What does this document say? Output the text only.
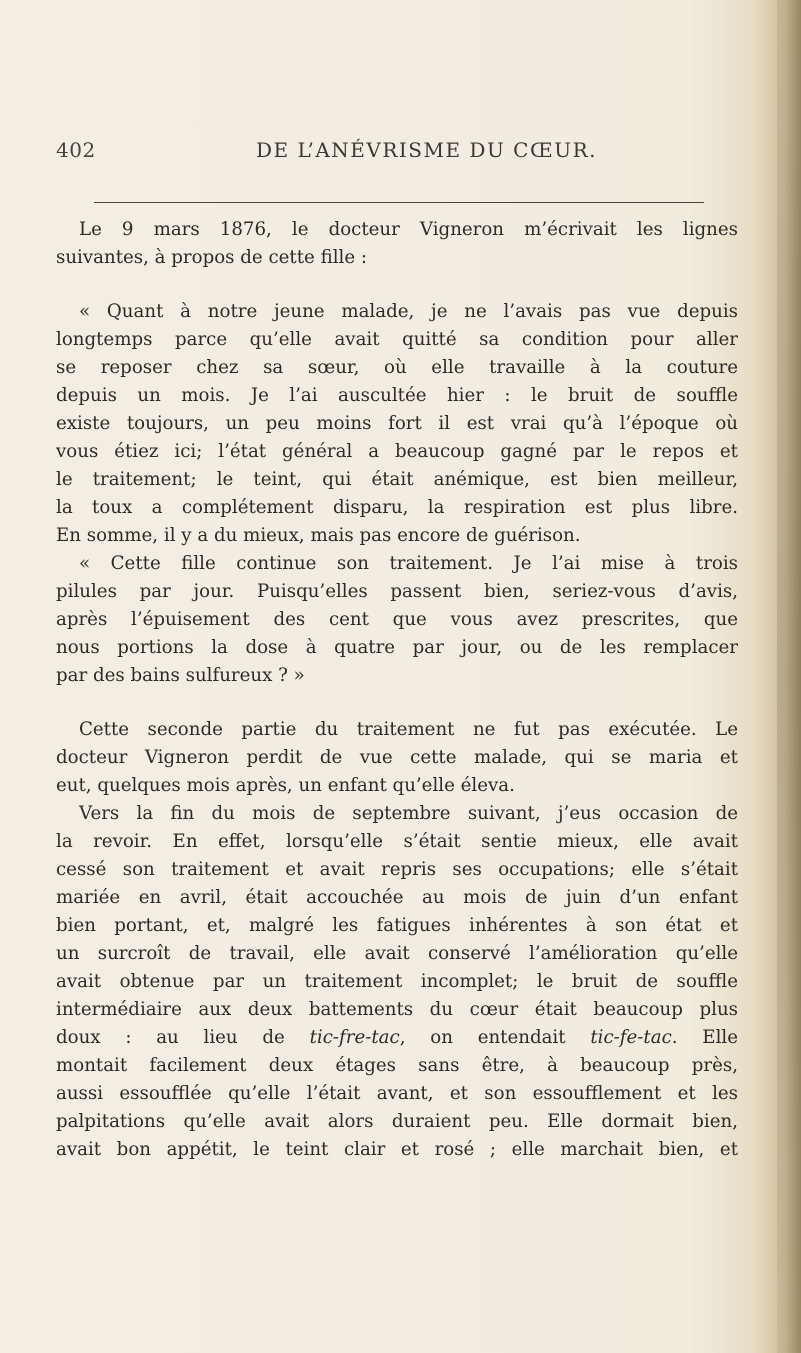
402	DE L’ANÉVRISME DU CŒUR.
Le 9 mars 1876, le docteur Vigneron m’écrivait les lignes
suivantes, à propos de cette fille :
« Quant à notre jeune malade, je ne l’avais pas vue depuis
longtemps parce qu’elle avait quitté sa condition pour aller
se reposer chez sa sœur, où elle travaille à la couture
depuis un mois. Je l’ai auscultée hier : le bruit de souffle
existe toujours, un peu moins fort il est vrai qu’à l’époque où
vous étiez ici; l’état général a beaucoup gagné par le repos et
le traitement; le teint, qui était anémique, est bien meilleur,
la toux a complétement disparu, la respiration est plus libre.
En somme, il y a du mieux, mais pas encore de guérison.
« Cette fille continue son traitement. Je l’ai mise à trois
pilules par jour. Puisqu’elles passent bien, seriez-vous d’avis,
après l’épuisement des cent que vous avez prescrites, que
nous portions la dose à quatre par jour, ou de les remplacer
par des bains sulfureux ? »
Cette seconde partie du traitement ne fut pas exécutée. Le
docteur Vigneron perdit de vue cette malade, qui se maria et
eut, quelques mois après, un enfant qu’elle éleva.
Vers la fin du mois de septembre suivant, j’eus occasion de
la revoir. En effet, lorsqu’elle s’était sentie mieux, elle avait
cessé son traitement et avait repris ses occupations; elle s’était
mariée en avril, était accouchée au mois de juin d’un enfant
bien portant, et, malgré les fatigues inhérentes à son état et
un surcroît de travail, elle avait conservé l’amélioration qu’elle
avait obtenue par un traitement incomplet; le bruit de souffle
intermédiaire aux deux battements du cœur était beaucoup plus
doux : au lieu de tic-fre-tac, on entendait tic-fe-tac. Elle
montait facilement deux étages sans être, à beaucoup près,
aussi essoufflée qu’elle l’était avant, et son essoufflement et les
palpitations qu’elle avait alors duraient peu. Elle dormait bien,
avait bon appétit, le teint clair et rosé ; elle marchait bien, et
